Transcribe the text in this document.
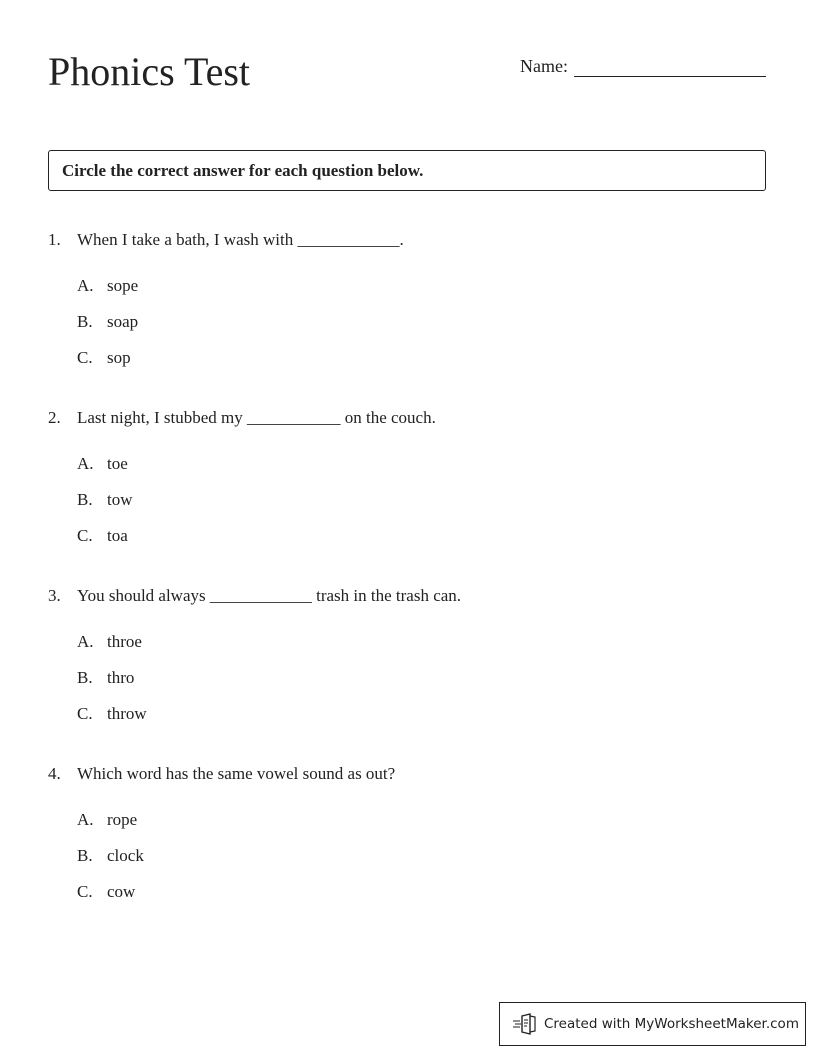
Phonics Test	Name:
Circle the correct answer for each question below.
1. When I take a bath, I wash with ____________.
A. sope
B. soap
C. sop
2. Last night, I stubbed my ___________ on the couch.
A. toe
B. tow
C. toa
3. You should always ____________ trash in the trash can.
A. throe
B. thro
C. throw
4. Which word has the same vowel sound as out?
A. rope
B. clock
C. cow
Created with MyWorksheetMaker.com
